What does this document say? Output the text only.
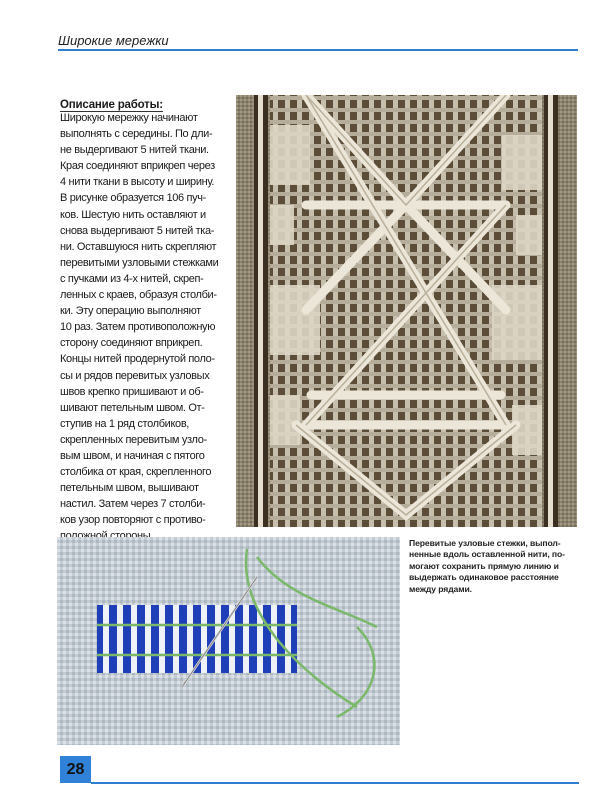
Широкие мережки
Описание работы:
Широкую мережку начинают
выполнять с середины. По дли-
не выдергивают 5 нитей ткани.
Края соединяют вприкреп через
4 нити ткани в высоту и ширину.
В рисунке образуется 106 пуч-
ков. Шестую нить оставляют и
снова выдергивают 5 нитей тка-
ни. Оставшуюся нить скрепляют
перевитыми узловыми стежками
с пучками из 4-х нитей, скреп-
ленных с краев, образуя столби-
ки. Эту операцию выполняют
10 раз. Затем противоположную
сторону соединяют вприкреп.
Концы нитей продернутой поло-
сы и рядов перевитых узловых
швов крепко пришивают и об-
шивают петельным швом. От-
ступив на 1 ряд столбиков,
скрепленных перевитым узло-
вым швом, и начиная с пятого
столбика от края, скрепленного
петельным швом, вышивают
настил. Затем через 7 столби-
ков узор повторяют с противо-

Перевитые узловые стежки, выпол-
ненные вдоль оставленной нити, по-
могают сохранить прямую линию и
выдержать одинаковое расстояние
между рядами.
28
